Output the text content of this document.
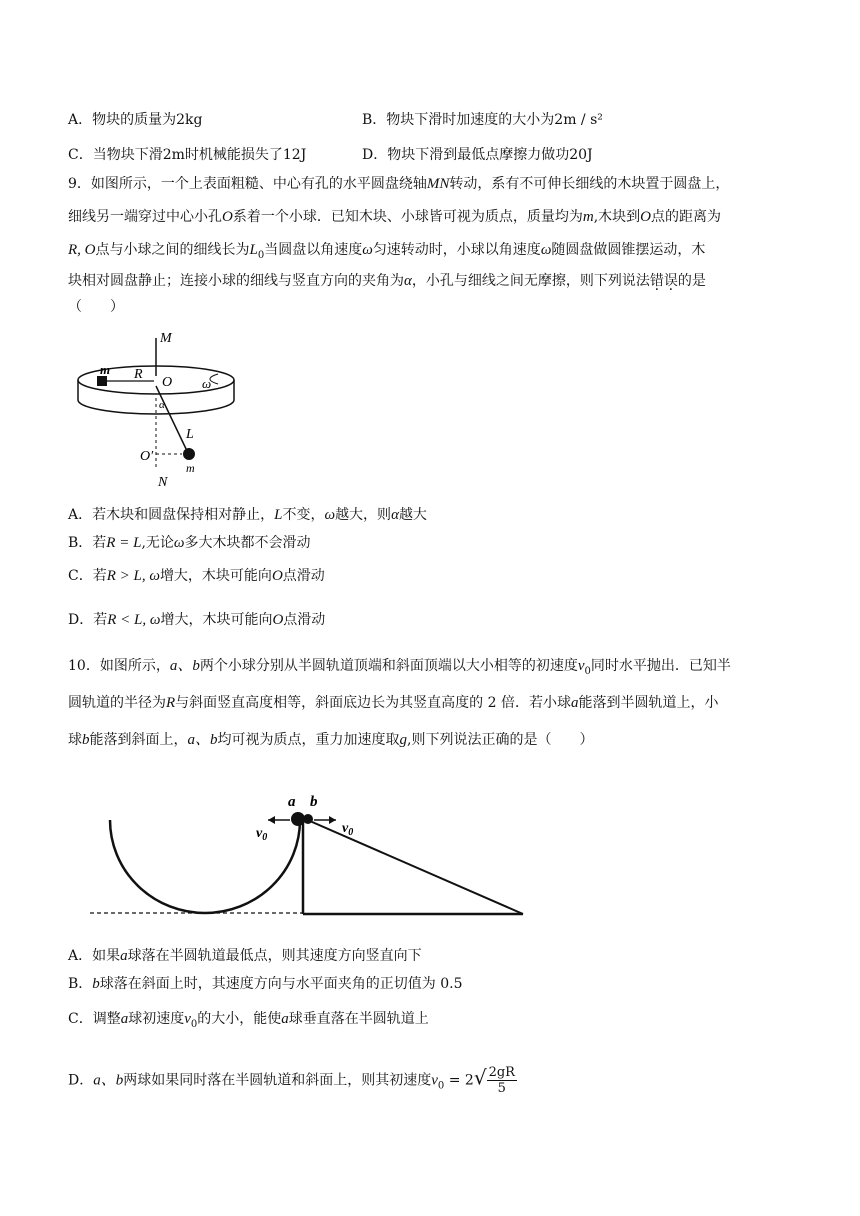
A．物块的质量为2kg	B．物块下滑时加速度的大小为2m / s²
C．当物块下滑2m时机械能损失了12J	D．物块下滑到最低点摩擦力做功20J
9．如图所示，一个上表面粗糙、中心有孔的水平圆盘绕轴MN转动，系有不可伸长细线的木块置于圆盘上，
细线另一端穿过中心小孔O系着一个小球．已知木块、小球皆可视为质点，质量均为m,木块到O点的距离为
R, O点与小球之间的细线长为$L_0$当圆盘以角速度ω匀速转动时，小球以角速度ω随圆盘做圆锥摆运动，木
块相对圆盘静止；连接小球的细线与竖直方向的夹角为α，小孔与细线之间无摩擦，则下列说法错误的是
（　　）
M
N
m R
O ω
α
L
O′
m
A．若木块和圆盘保持相对静止，L不变，ω越大，则α越大
B．若R = L,无论ω多大木块都不会滑动
C．若R > L, ω增大，木块可能向O点滑动
D．若R < L, ω增大，木块可能向O点滑动
10．如图所示，a、b两个小球分别从半圆轨道顶端和斜面顶端以大小相等的初速度$v_0$同时水平抛出．已知半
圆轨道的半径为R与斜面竖直高度相等，斜面底边长为其竖直高度的 2 倍．若小球a能落到半圆轨道上，小
球b能落到斜面上，a、b均可视为质点，重力加速度取g,则下列说法正确的是（　　）
a b
$v_0$
$v_0$
A．如果a球落在半圆轨道最低点，则其速度方向竖直向下
B．b球落在斜面上时，其速度方向与水平面夹角的正切值为 0.5
C．调整a球初速度$v_0$的大小，能使a球垂直落在半圆轨道上
D．a、b两球如果同时落在半圆轨道和斜面上，则其初速度$v_0 = 2√ \frac{2gR}{5}$
